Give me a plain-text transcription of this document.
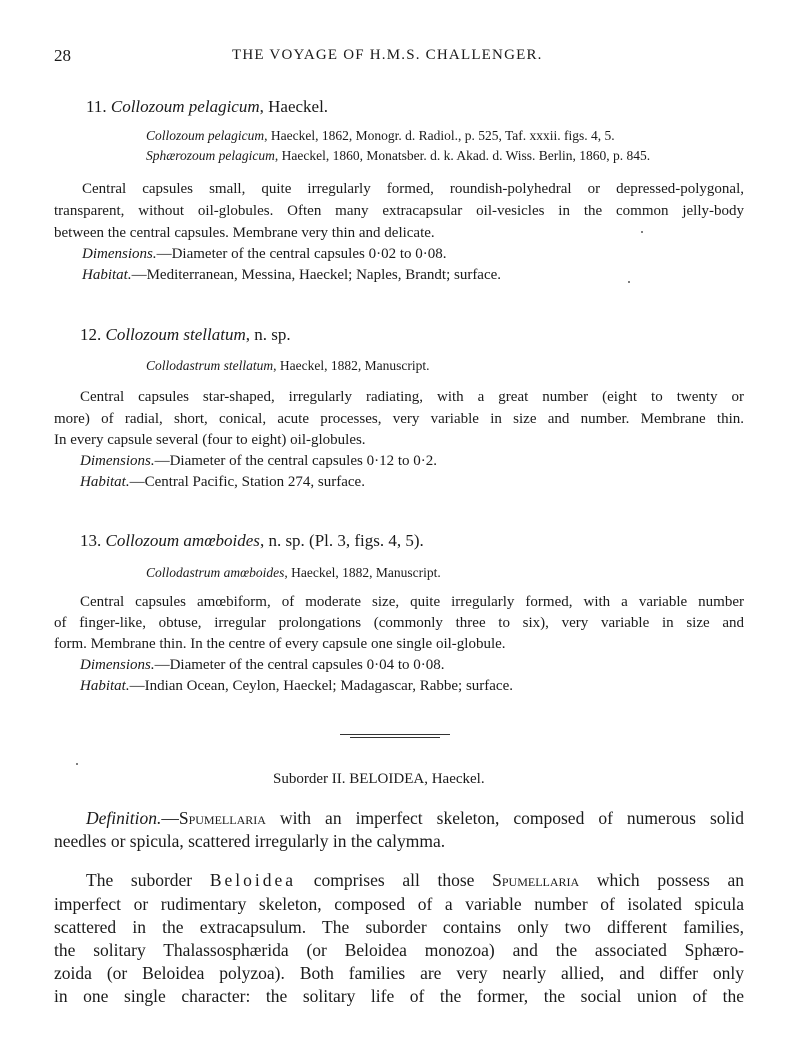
28	THE VOYAGE OF H.M.S. CHALLENGER.
11. Collozoum pelagicum, Haeckel.
Collozoum pelagicum, Haeckel, 1862, Monogr. d. Radiol., p. 525, Taf. xxxii. figs. 4, 5.
Sphærozoum pelagicum, Haeckel, 1860, Monatsber. d. k. Akad. d. Wiss. Berlin, 1860, p. 845.
Central capsules small, quite irregularly formed, roundish-polyhedral or depressed-polygonal,
transparent, without oil-globules. Often many extracapsular oil-vesicles in the common jelly-body
between the central capsules. Membrane very thin and delicate.
Dimensions.—Diameter of the central capsules 0·02 to 0·08.
Habitat.—Mediterranean, Messina, Haeckel; Naples, Brandt; surface.
12. Collozoum stellatum, n. sp.
Collodastrum stellatum, Haeckel, 1882, Manuscript.
Central capsules star-shaped, irregularly radiating, with a great number (eight to twenty or
more) of radial, short, conical, acute processes, very variable in size and number. Membrane thin.
In every capsule several (four to eight) oil-globules.
Dimensions.—Diameter of the central capsules 0·12 to 0·2.
Habitat.—Central Pacific, Station 274, surface.
13. Collozoum amœboides, n. sp. (Pl. 3, figs. 4, 5).
Collodastrum amœboides, Haeckel, 1882, Manuscript.
Central capsules amœbiform, of moderate size, quite irregularly formed, with a variable number
of finger-like, obtuse, irregular prolongations (commonly three to six), very variable in size and
form. Membrane thin. In the centre of every capsule one single oil-globule.
Dimensions.—Diameter of the central capsules 0·04 to 0·08.
Habitat.—Indian Ocean, Ceylon, Haeckel; Madagascar, Rabbe; surface.
Suborder II. BELOIDEA, Haeckel.
Definition.—Spumellaria with an imperfect skeleton, composed of numerous solid
needles or spicula, scattered irregularly in the calymma.
The suborder Beloidea comprises all those Spumellaria which possess an
imperfect or rudimentary skeleton, composed of a variable number of isolated spicula
scattered in the extracapsulum. The suborder contains only two different families,
the solitary Thalassosphærida (or Beloidea monozoa) and the associated Sphæro-
zoida (or Beloidea polyzoa). Both families are very nearly allied, and differ only
in one single character: the solitary life of the former, the social union of the
